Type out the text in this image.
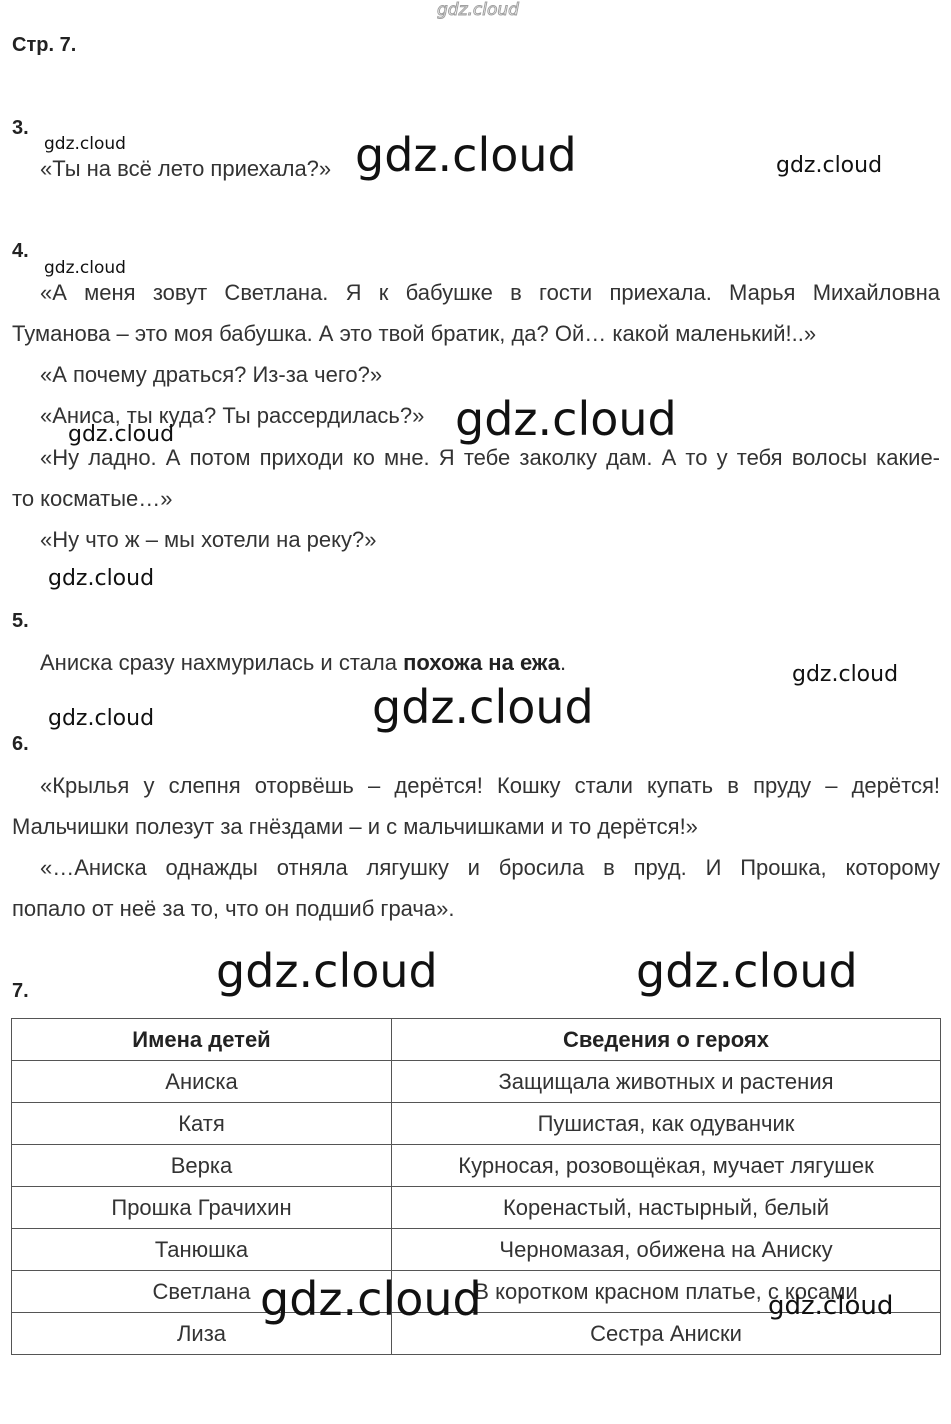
gdz.cloud
Стр. 7.
3.
«Ты на всё лето приехала?»
4.
«А меня зовут Светлана. Я к бабушке в гости приехала. Марья Михайловна
Туманова – это моя бабушка. А это твой братик, да? Ой… какой маленький!..»
«А почему драться? Из-за чего?»
«Аниса, ты куда? Ты рассердилась?»
«Ну ладно. А потом приходи ко мне. Я тебе заколку дам. А то у тебя волосы какие-
то косматые…»
«Ну что ж – мы хотели на реку?»
5.
Аниска сразу нахмурилась и стала похожа на ежа.
6.
«Крылья у слепня оторвёшь – дерётся! Кошку стали купать в пруду – дерётся!
Мальчишки полезут за гнёздами – и с мальчишками и то дерётся!»
«…Аниска однажды отняла лягушку и бросила в пруд. И Прошка, которому
попало от неё за то, что он подшиб грача».
7.
Имена детей	Сведения о героях
Аниска	Защищала животных и растения
Катя	Пушистая, как одуванчик
Верка	Курносая, розовощёкая, мучает лягушек
Прошка Грачихин	Коренастый, настырный, белый
Танюшка	Черномазая, обижена на Аниску
Светлана	В коротком красном платье, с косами
Лиза	Сестра Аниски
gdz.cloud	gdz.cloud	gdz.cloud
gdz.cloud
gdz.cloud
gdz.cloud
gdz.cloud
gdz.cloud
gdz.cloud
gdz.cloud
gdz.cloud	gdz.cloud
gdz.cloud	gdz.cloud
